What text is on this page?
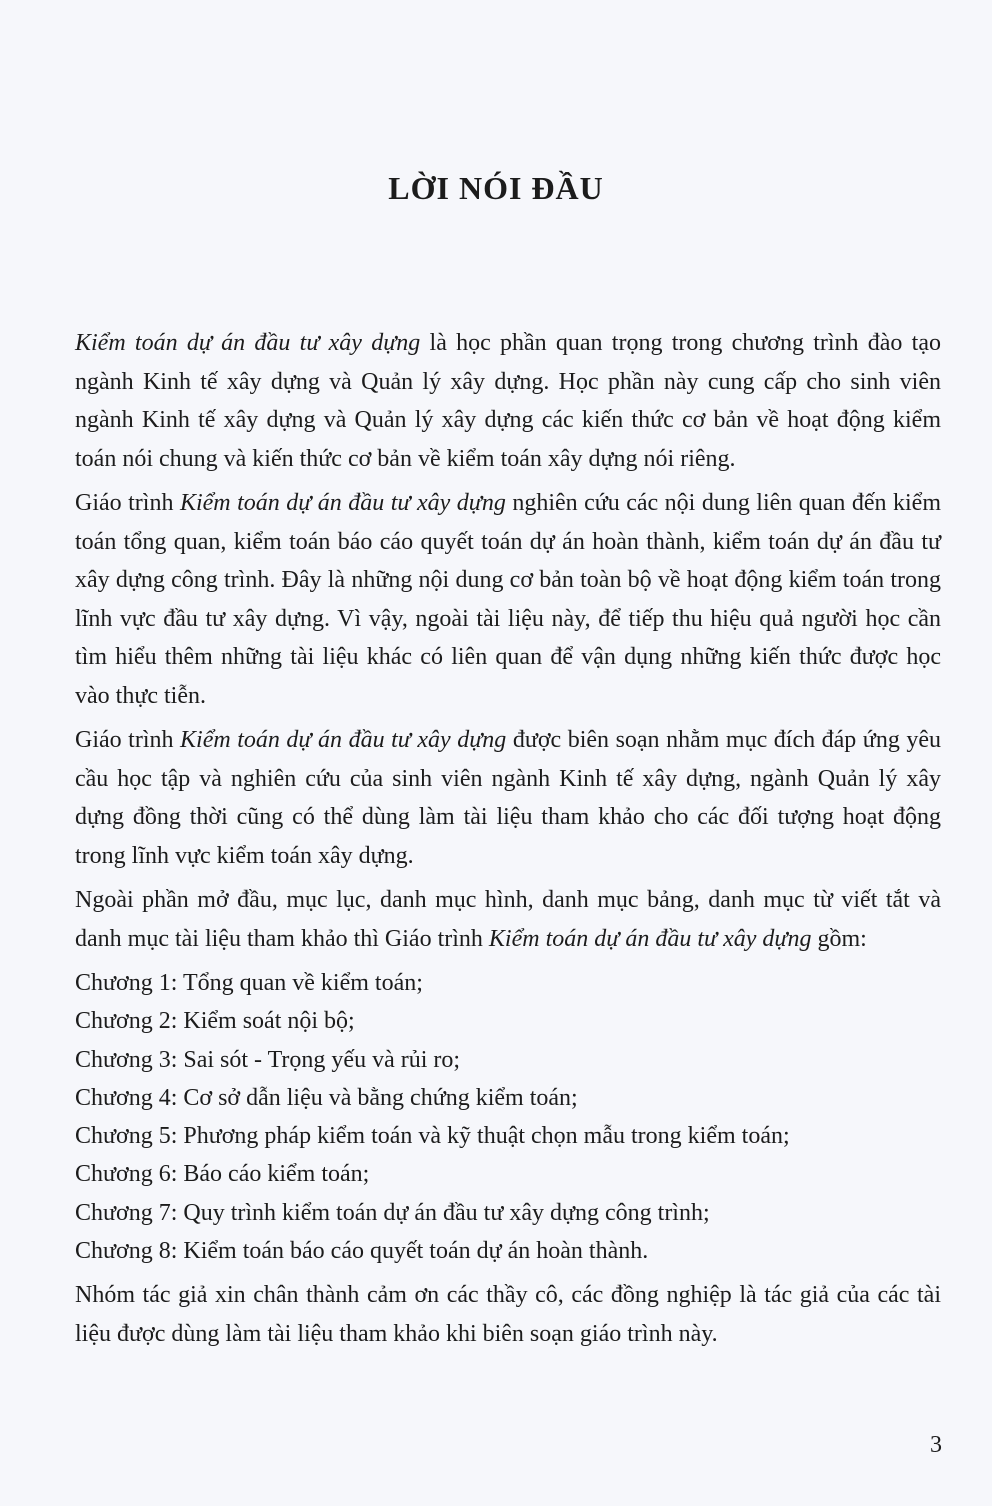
LỜI NÓI ĐẦU

Kiểm toán dự án đầu tư xây dựng là học phần quan trọng trong chương trình đào tạo ngành Kinh tế xây dựng và Quản lý xây dựng. Học phần này cung cấp cho sinh viên ngành Kinh tế xây dựng và Quản lý xây dựng các kiến thức cơ bản về hoạt động kiểm toán nói chung và kiến thức cơ bản về kiểm toán xây dựng nói riêng.

Giáo trình Kiểm toán dự án đầu tư xây dựng nghiên cứu các nội dung liên quan đến kiểm toán tổng quan, kiểm toán báo cáo quyết toán dự án hoàn thành, kiểm toán dự án đầu tư xây dựng công trình. Đây là những nội dung cơ bản toàn bộ về hoạt động kiểm toán trong lĩnh vực đầu tư xây dựng. Vì vậy, ngoài tài liệu này, để tiếp thu hiệu quả người học cần tìm hiểu thêm những tài liệu khác có liên quan để vận dụng những kiến thức được học vào thực tiễn.

Giáo trình Kiểm toán dự án đầu tư xây dựng được biên soạn nhằm mục đích đáp ứng yêu cầu học tập và nghiên cứu của sinh viên ngành Kinh tế xây dựng, ngành Quản lý xây dựng đồng thời cũng có thể dùng làm tài liệu tham khảo cho các đối tượng hoạt động trong lĩnh vực kiểm toán xây dựng.

Ngoài phần mở đầu, mục lục, danh mục hình, danh mục bảng, danh mục từ viết tắt và danh mục tài liệu tham khảo thì Giáo trình Kiểm toán dự án đầu tư xây dựng gồm:

Chương 1: Tổng quan về kiểm toán;
Chương 2: Kiểm soát nội bộ;
Chương 3: Sai sót - Trọng yếu và rủi ro;
Chương 4: Cơ sở dẫn liệu và bằng chứng kiểm toán;
Chương 5: Phương pháp kiểm toán và kỹ thuật chọn mẫu trong kiểm toán;
Chương 6: Báo cáo kiểm toán;
Chương 7: Quy trình kiểm toán dự án đầu tư xây dựng công trình;
Chương 8: Kiểm toán báo cáo quyết toán dự án hoàn thành.

Nhóm tác giả xin chân thành cảm ơn các thầy cô, các đồng nghiệp là tác giả của các tài liệu được dùng làm tài liệu tham khảo khi biên soạn giáo trình này.

3
